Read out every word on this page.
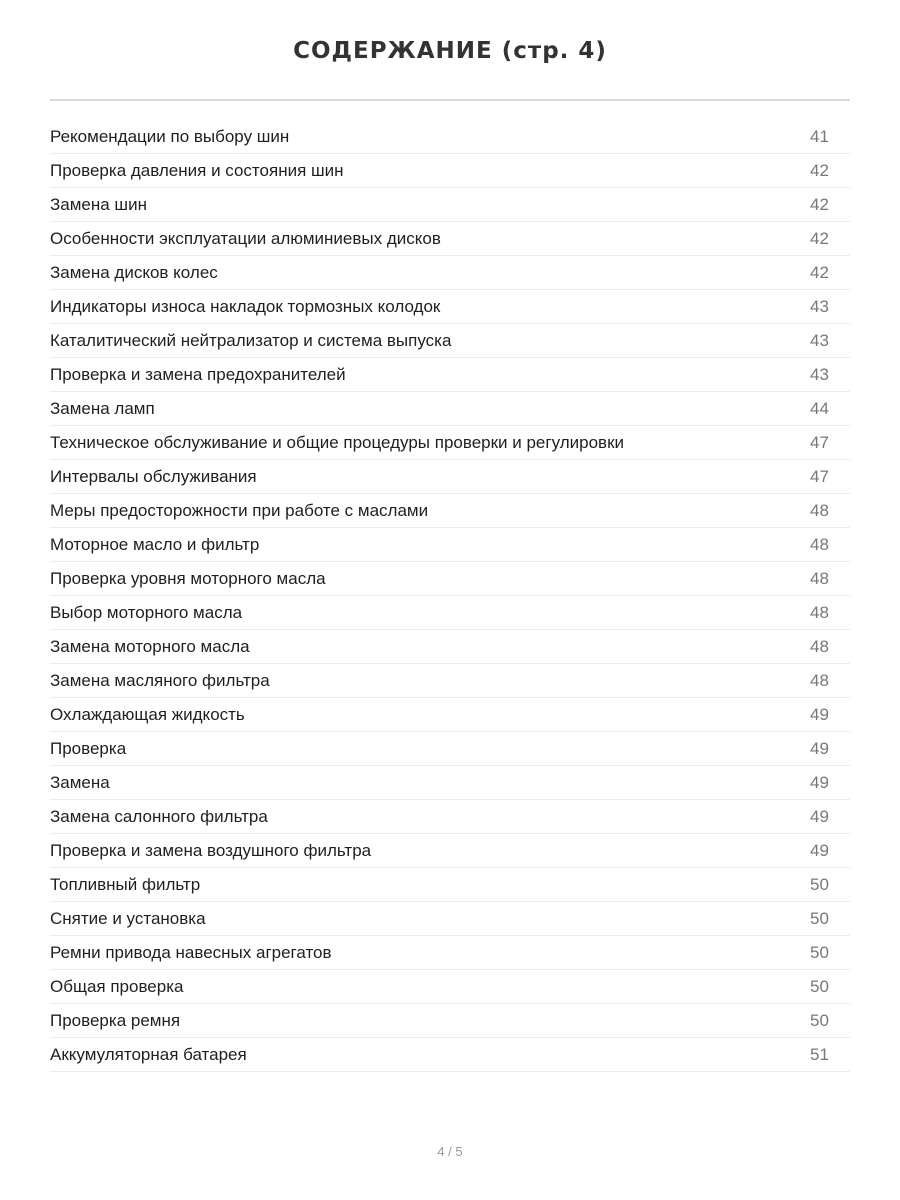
СОДЕРЖАНИЕ (стр. 4)
Рекомендации по выбору шин	41
Проверка давления и состояния шин	42
Замена шин	42
Особенности эксплуатации алюминиевых дисков	42
Замена дисков колес	42
Индикаторы износа накладок тормозных колодок	43
Каталитический нейтрализатор и система выпуска	43
Проверка и замена предохранителей	43
Замена ламп	44
Техническое обслуживание и общие процедуры проверки и регулировки	47
Интервалы обслуживания	47
Меры предосторожности при работе с маслами	48
Моторное масло и фильтр	48
Проверка уровня моторного масла	48
Выбор моторного масла	48
Замена моторного масла	48
Замена масляного фильтра	48
Охлаждающая жидкость	49
Проверка	49
Замена	49
Замена салонного фильтра	49
Проверка и замена воздушного фильтра	49
Топливный фильтр	50
Снятие и установка	50
Ремни привода навесных агрегатов	50
Общая проверка	50
Проверка ремня	50
Аккумуляторная батарея	51
4 / 5
